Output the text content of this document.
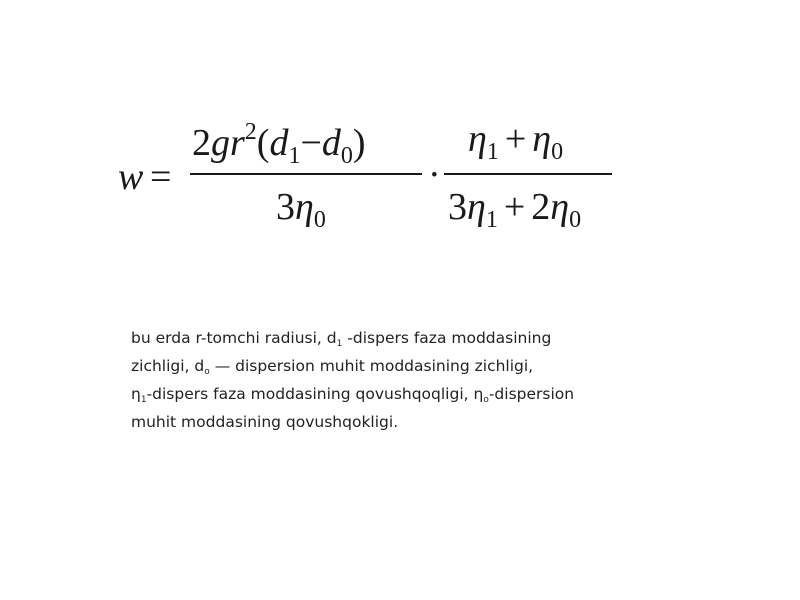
w =
$2gr^2(d_1-d_0)$
$3\eta_0$
·
$\eta_1 + \eta_0$
$3\eta_1 + 2\eta_0$
bu erda r-tomchi radiusi, $d_1$ -dispers faza moddasining
zichligi, $d_o$ — dispersion muhit moddasining zichligi,
$\eta_1$-dispers faza moddasining qovushqoqligi, $\eta_o$-dispersion
muhit moddasining qovushqokligi.
